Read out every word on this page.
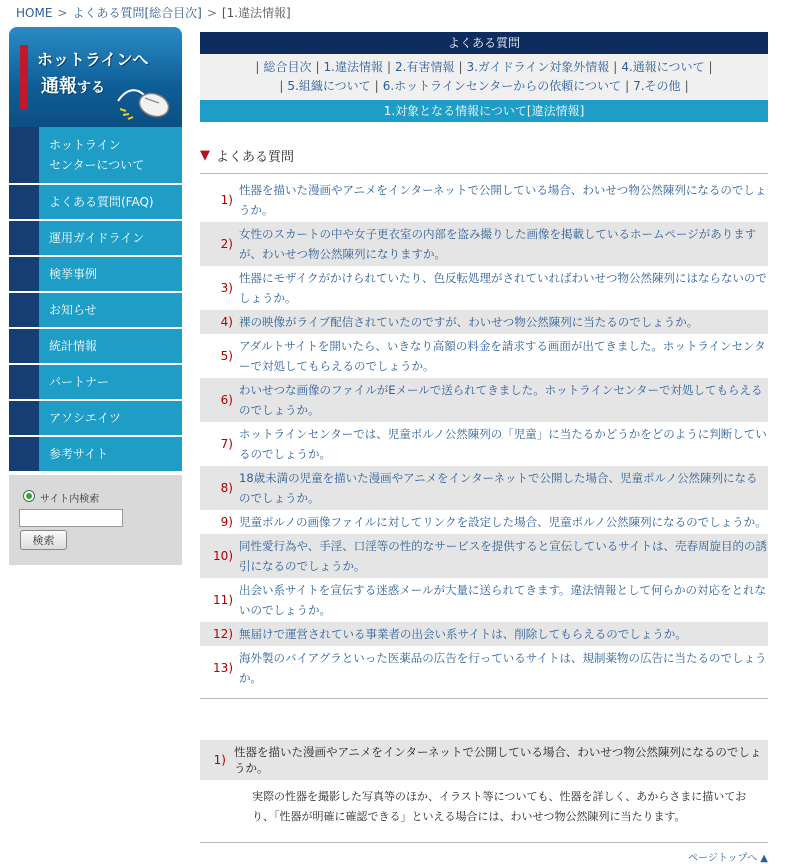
HOME > よくある質問[総合目次] > [1.違法情報]
ホットラインへ
通報する
ホットライン
センターについて
よくある質問(FAQ)
運用ガイドライン
検挙事例
お知らせ
統計情報
パートナー
アソシエイツ
参考サイト
サイト内検索
検索
よくある質問
| 総合目次 | 1.違法情報 | 2.有害情報 | 3.ガイドライン対象外情報 | 4.通報について |
| 5.組織について | 6.ホットラインセンターからの依頼について | 7.その他 |
1.対象となる情報について[違法情報]
▼ よくある質問
1)
性器を描いた漫画やアニメをインターネットで公開している場合、わいせつ物公然陳列になるのでしょうか。
2)
女性のスカートの中や女子更衣室の内部を盗み撮りした画像を掲載しているホームページがありますが、わいせつ物公然陳列になりますか。
3)
性器にモザイクがかけられていたり、色反転処理がされていればわいせつ物公然陳列にはならないのでしょうか。
4) 裸の映像がライブ配信されていたのですが、わいせつ物公然陳列に当たるのでしょうか。
5)
アダルトサイトを開いたら、いきなり高額の料金を請求する画面が出てきました。ホットラインセンターで対処してもらえるのでしょうか。
6)
わいせつな画像のファイルがEメールで送られてきました。ホットラインセンターで対処してもらえるのでしょうか。
7)
ホットラインセンターでは、児童ポルノ公然陳列の「児童」に当たるかどうかをどのように判断しているのでしょうか。
8)
18歳未満の児童を描いた漫画やアニメをインターネットで公開した場合、児童ポルノ公然陳列になるのでしょうか。
9) 児童ポルノの画像ファイルに対してリンクを設定した場合、児童ポルノ公然陳列になるのでしょうか。
10)
同性愛行為や、手淫、口淫等の性的なサービスを提供すると宣伝しているサイトは、売春周旋目的の誘引になるのでしょうか。
11)
出会い系サイトを宣伝する迷惑メールが大量に送られてきます。違法情報として何らかの対応をとれないのでしょうか。
12) 無届けで運営されている事業者の出会い系サイトは、削除してもらえるのでしょうか。
13)
海外製のバイアグラといった医薬品の広告を行っているサイトは、規制薬物の広告に当たるのでしょうか。
1)
性器を描いた漫画やアニメをインターネットで公開している場合、わいせつ物公然陳列になるのでしょうか。
実際の性器を撮影した写真等のほか、イラスト等についても、性器を詳しく、あからさまに描いており、「性器が明確に確認できる」といえる場合には、わいせつ物公然陳列に当たります。
ページトップへ ▲
